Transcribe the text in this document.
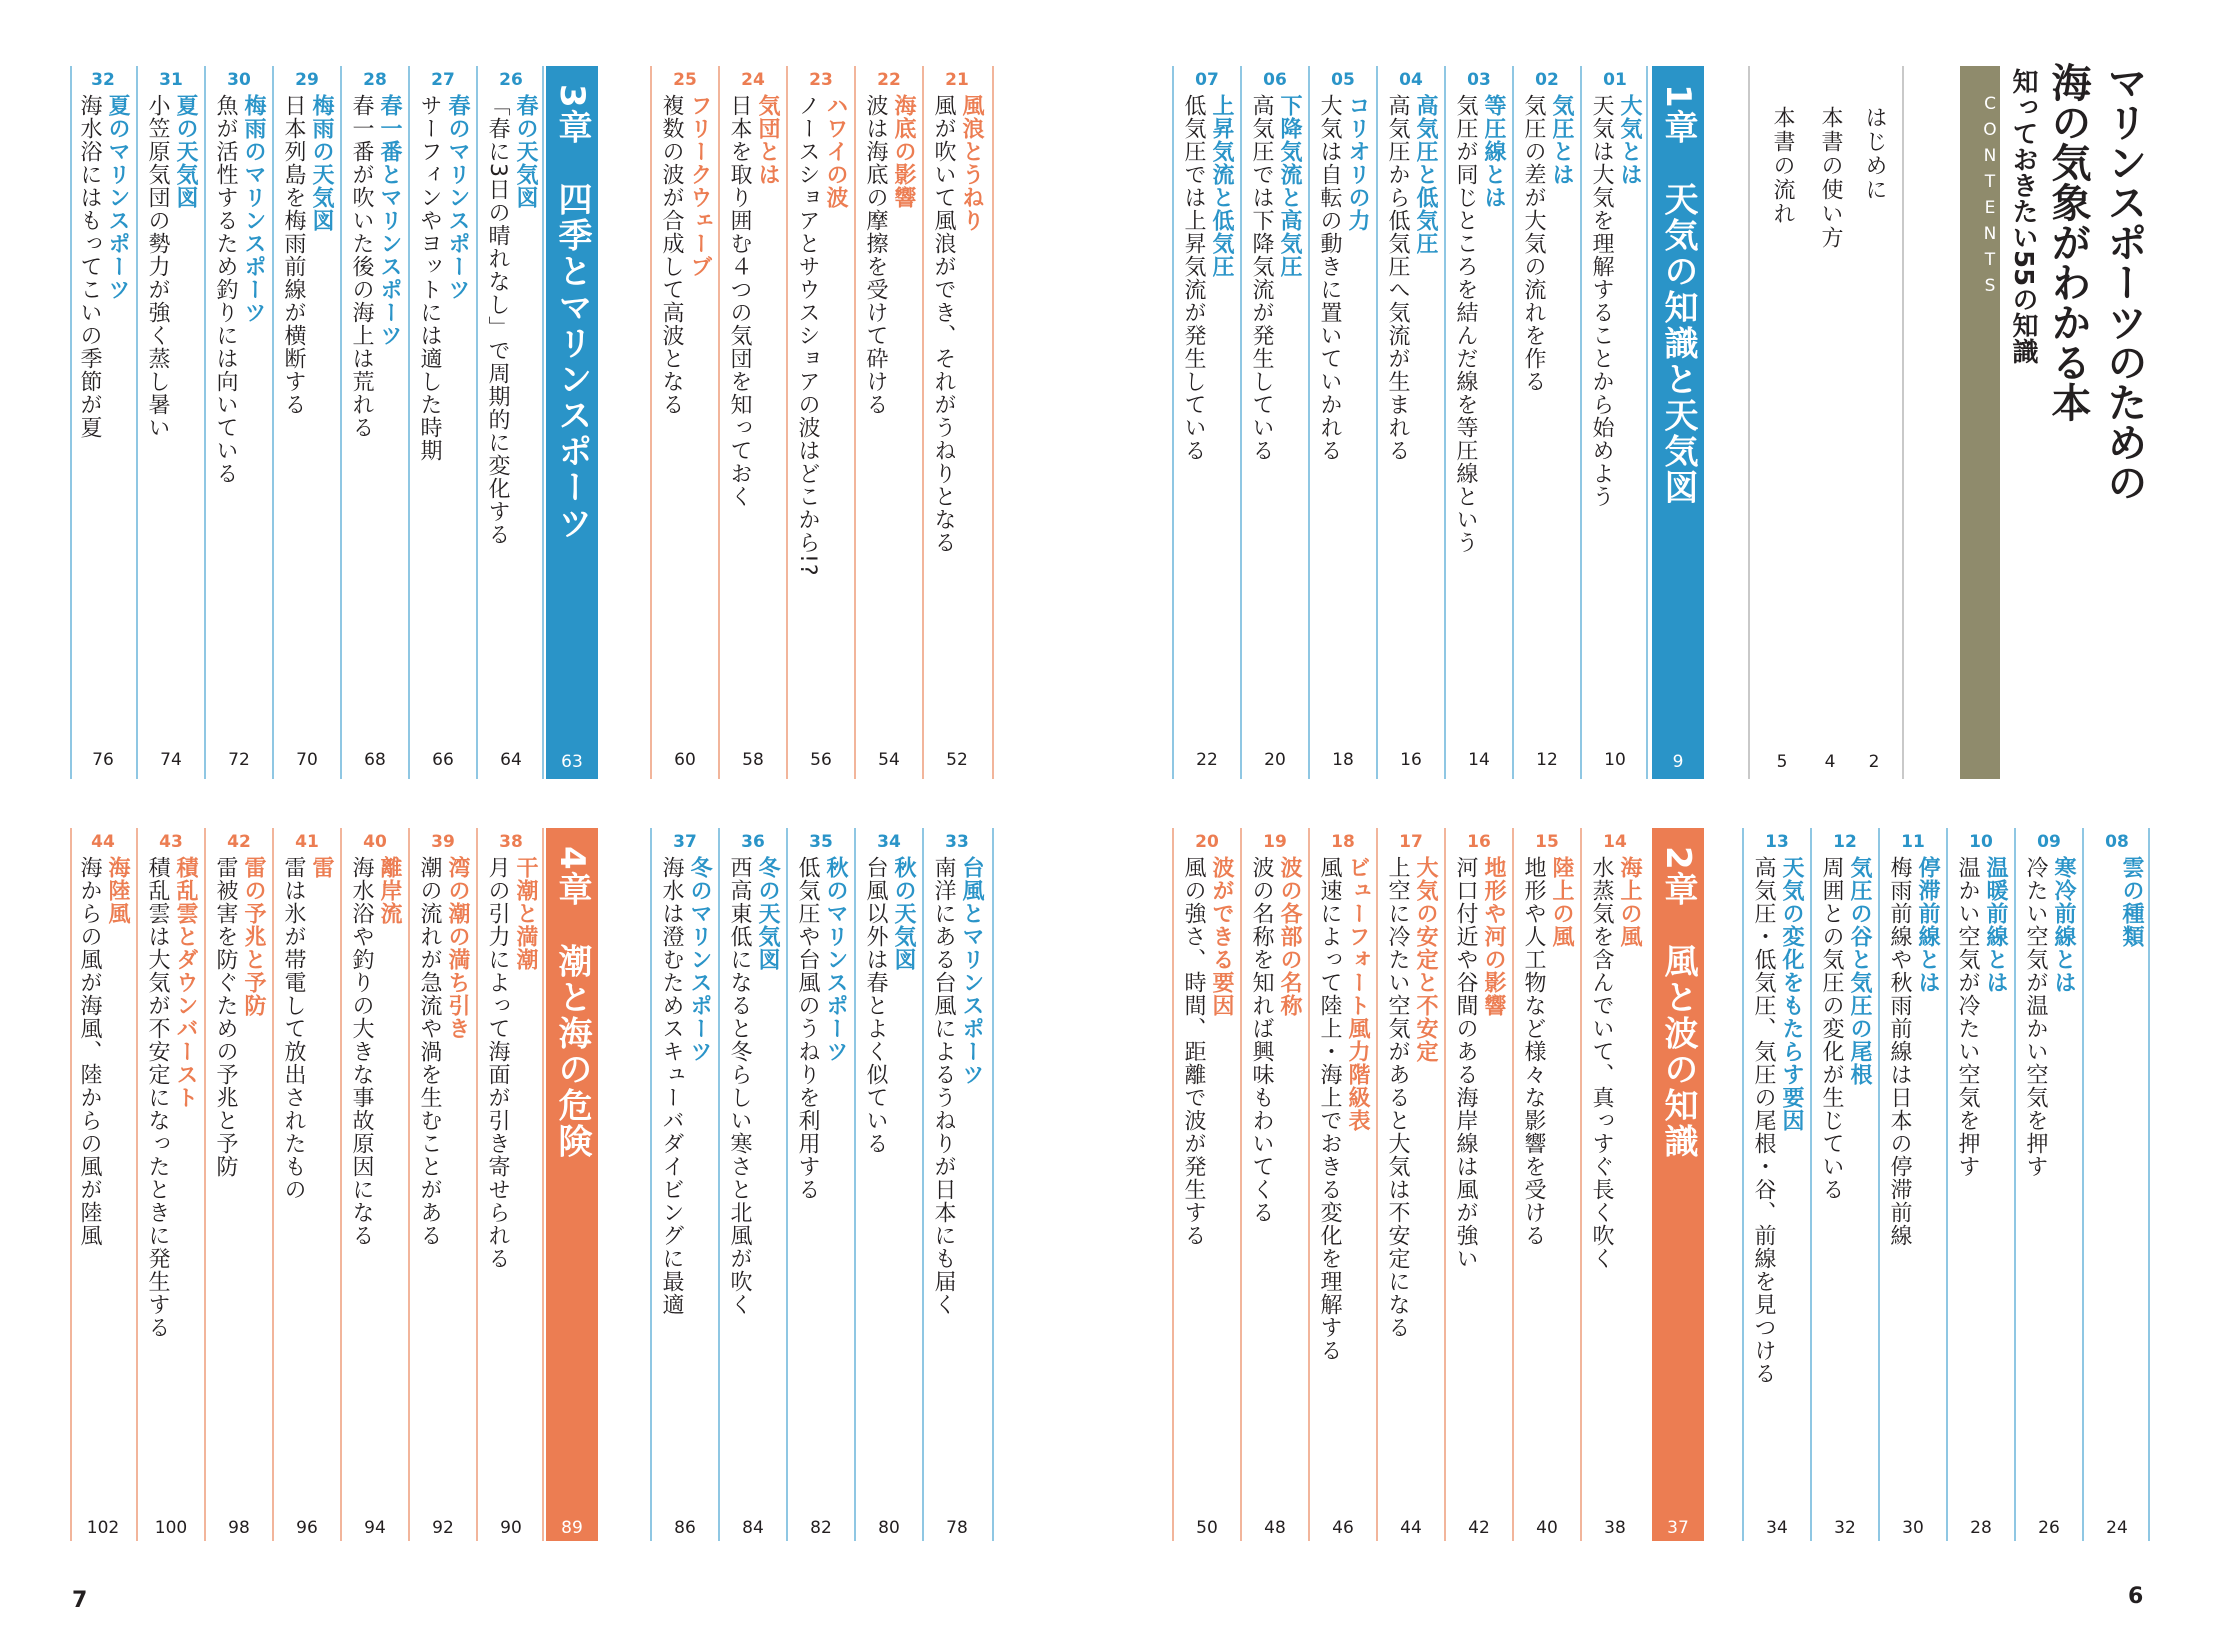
マリンスポーツのための
海の気象がわかる本
知っておきたい55の知識
CONTENTS
はじめに
2
本書の使い方
4
本書の流れ
5
1章　天気の知識と天気図
9
01
大気とは
天気は大気を理解することから始めよう
10
02
気圧とは
気圧の差が大気の流れを作る
12
03
等圧線とは
気圧が同じところを結んだ線を等圧線という
14
04
高気圧と低気圧
高気圧から低気圧へ気流が生まれる
16
05
コリオリの力
大気は自転の動きに置いていかれる
18
06
下降気流と高気圧
高気圧では下降気流が発生している
20
07
上昇気流と低気圧
低気圧では上昇気流が発生している
22
08
雲の種類
24
09
寒冷前線とは
冷たい空気が温かい空気を押す
26
10
温暖前線とは
温かい空気が冷たい空気を押す
28
11
停滞前線とは
梅雨前線や秋雨前線は日本の停滞前線
30
12
気圧の谷と気圧の尾根
周囲との気圧の変化が生じている
32
13
天気の変化をもたらす要因
高気圧・低気圧、気圧の尾根・谷、前線を見つける
34
2章　風と波の知識
37
14
海上の風
水蒸気を含んでいて、真っすぐ長く吹く
38
15
陸上の風
地形や人工物など様々な影響を受ける
40
16
地形や河の影響
河口付近や谷間のある海岸線は風が強い
42
17
大気の安定と不安定
上空に冷たい空気があると大気は不安定になる
44
18
ビューフォート風力階級表
風速によって陸上・海上でおきる変化を理解する
46
19
波の各部の名称
波の名称を知れば興味もわいてくる
48
20
波ができる要因
風の強さ、時間、距離で波が発生する
50
21
風浪とうねり
風が吹いて風浪ができ、それがうねりとなる
52
22
海底の影響
波は海底の摩擦を受けて砕ける
54
23
ハワイの波
ノースショアとサウスショアの波はどこから!?
56
24
気団とは
日本を取り囲む４つの気団を知っておく
58
25
フリークウェーブ
複数の波が合成して高波となる
60
3章　四季とマリンスポーツ
63
26
春の天気図
「春に3日の晴れなし」で周期的に変化する
64
27
春のマリンスポーツ
サーフィンやヨットには適した時期
66
28
春一番とマリンスポーツ
春一番が吹いた後の海上は荒れる
68
29
梅雨の天気図
日本列島を梅雨前線が横断する
70
30
梅雨のマリンスポーツ
魚が活性するため釣りには向いている
72
31
夏の天気図
小笠原気団の勢力が強く蒸し暑い
74
32
夏のマリンスポーツ
海水浴にはもってこいの季節が夏
76
33
台風とマリンスポーツ
南洋にある台風によるうねりが日本にも届く
78
34
秋の天気図
台風以外は春とよく似ている
80
35
秋のマリンスポーツ
低気圧や台風のうねりを利用する
82
36
冬の天気図
西高東低になると冬らしい寒さと北風が吹く
84
37
冬のマリンスポーツ
海水は澄むためスキューバダイビングに最適
86
4章　潮と海の危険
89
38
干潮と満潮
月の引力によって海面が引き寄せられる
90
39
湾の潮の満ち引き
潮の流れが急流や渦を生むことがある
92
40
離岸流
海水浴や釣りの大きな事故原因になる
94
41
雷
雷は氷が帯電して放出されたもの
96
42
雷の予兆と予防
雷被害を防ぐための予兆と予防
98
43
積乱雲とダウンバースト
積乱雲は大気が不安定になったときに発生する
100
44
海陸風
海からの風が海風、陸からの風が陸風
102
7	6
